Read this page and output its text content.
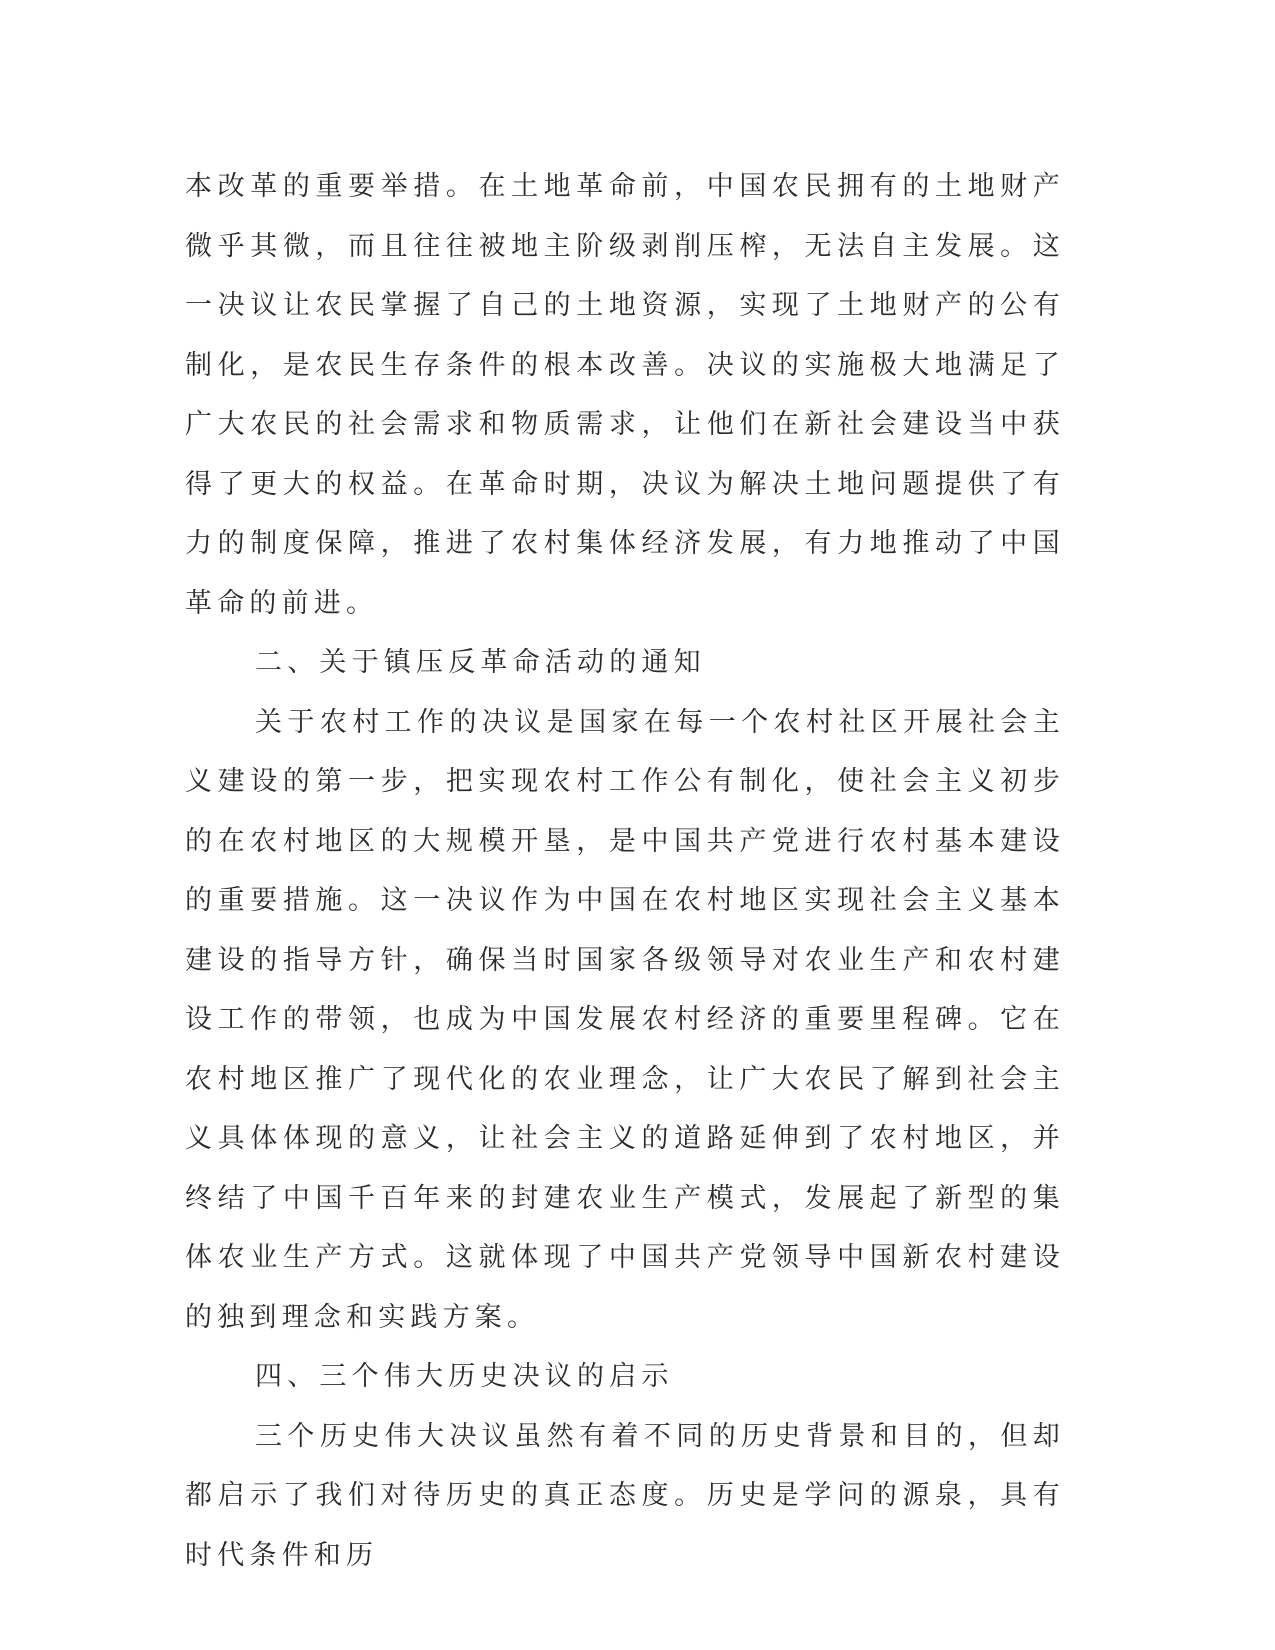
本改革的重要举措。在土地革命前，中国农民拥有的土地财产微乎其微，而且往往被地主阶级剥削压榨，无法自主发展。这一决议让农民掌握了自己的土地资源，实现了土地财产的公有制化，是农民生存条件的根本改善。决议的实施极大地满足了广大农民的社会需求和物质需求，让他们在新社会建设当中获得了更大的权益。在革命时期，决议为解决土地问题提供了有力的制度保障，推进了农村集体经济发展，有力地推动了中国革命的前进。

二、关于镇压反革命活动的通知

关于农村工作的决议是国家在每一个农村社区开展社会主义建设的第一步，把实现农村工作公有制化，使社会主义初步的在农村地区的大规模开垦，是中国共产党进行农村基本建设的重要措施。这一决议作为中国在农村地区实现社会主义基本建设的指导方针，确保当时国家各级领导对农业生产和农村建设工作的带领，也成为中国发展农村经济的重要里程碑。它在农村地区推广了现代化的农业理念，让广大农民了解到社会主义具体体现的意义，让社会主义的道路延伸到了农村地区，并终结了中国千百年来的封建农业生产模式，发展起了新型的集体农业生产方式。这就体现了中国共产党领导中国新农村建设的独到理念和实践方案。

四、三个伟大历史决议的启示

三个历史伟大决议虽然有着不同的历史背景和目的，但却都启示了我们对待历史的真正态度。历史是学问的源泉，具有时代条件和历
